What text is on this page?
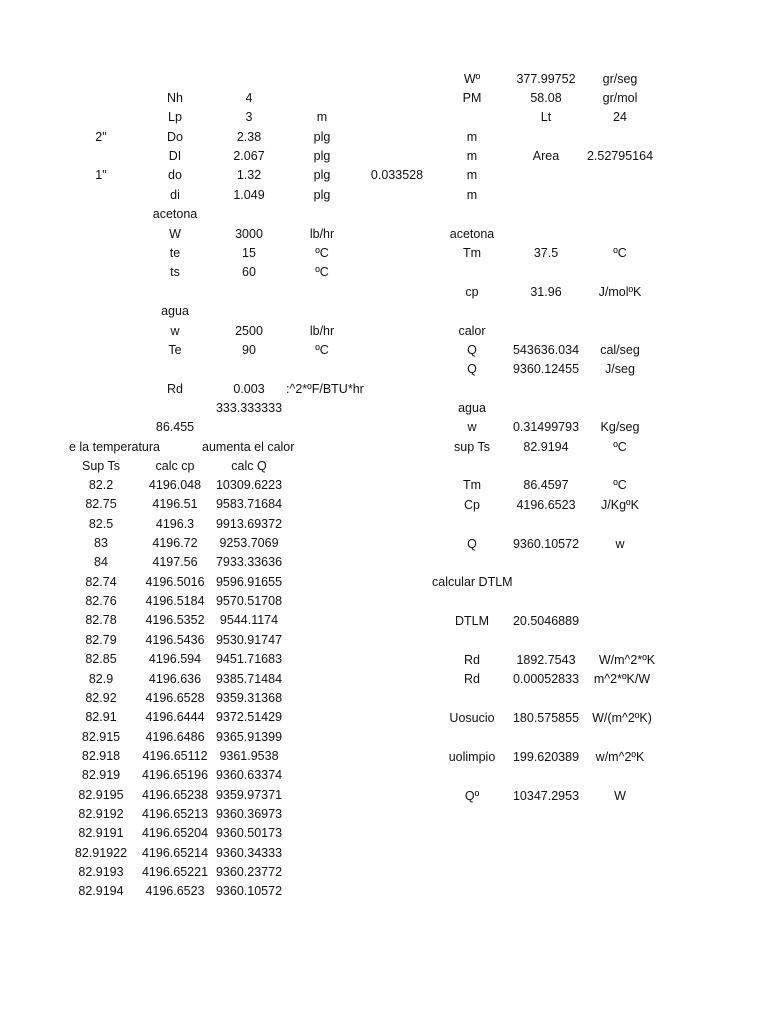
Nh	4
Lp	3	m
2"	Do	2.38	plg
DI	2.067	plg
1"	do	1.32	plg	0.033528
di	1.049	plg
acetona
W	3000	lb/hr
te	15	ºC
ts	60	ºC
agua
w	2500	lb/hr
Te	90	ºC
Rd	0.003 :^2*ºF/BTU*hr
333.333333
86.455
e la temperatura	aumenta el calor
Sup Ts	calc cp	calc Q
82.2	4196.048 10309.6223
82.75	4196.51 9583.71684
82.5	4196.3 9913.69372
83	4196.72 9253.7069
84	4197.56 7933.33636
82.74 4196.5016 9596.91655
82.76 4196.5184 9570.51708
82.78 4196.5352 9544.1174
82.79 4196.5436 9530.91747
82.85	4196.594 9451.71683
82.9	4196.636 9385.71484
82.92 4196.6528 9359.31368
82.91 4196.6444 9372.51429
82.915 4196.6486 9365.91399
82.918 4196.65112 9361.9538
82.919 4196.65196 9360.63374
82.9195 4196.65238 9359.97371
82.9192 4196.65213 9360.36973
82.9191 4196.65204 9360.50173
82.91922 4196.65214 9360.34333
82.9193 4196.65221 9360.23772
82.9194 4196.6523 9360.10572
Wº	377.99752 gr/seg
PM	58.08	gr/mol
Lt	24
m
m	Area 2.52795164
m
m
acetona
Tm	37.5	ºC
cp	31.96	J/molºK
calor
Q	543636.034 cal/seg
Q	9360.12455 J/seg
agua
w	0.31499793 Kg/seg
sup Ts	82.9194	ºC
Tm	86.4597	ºC
Cp	4196.6523 J/KgºK
Q	9360.10572	w
calcular DTLM
DTLM 20.5046889
Rd	1892.7543 W/m^2*ºK
Rd	0.00052833 m^2*ºK/W
Uosucio 180.575855 W/(m^2ºK)
uolimpio 199.620389 w/m^2ºK
Qº	10347.2953	W
